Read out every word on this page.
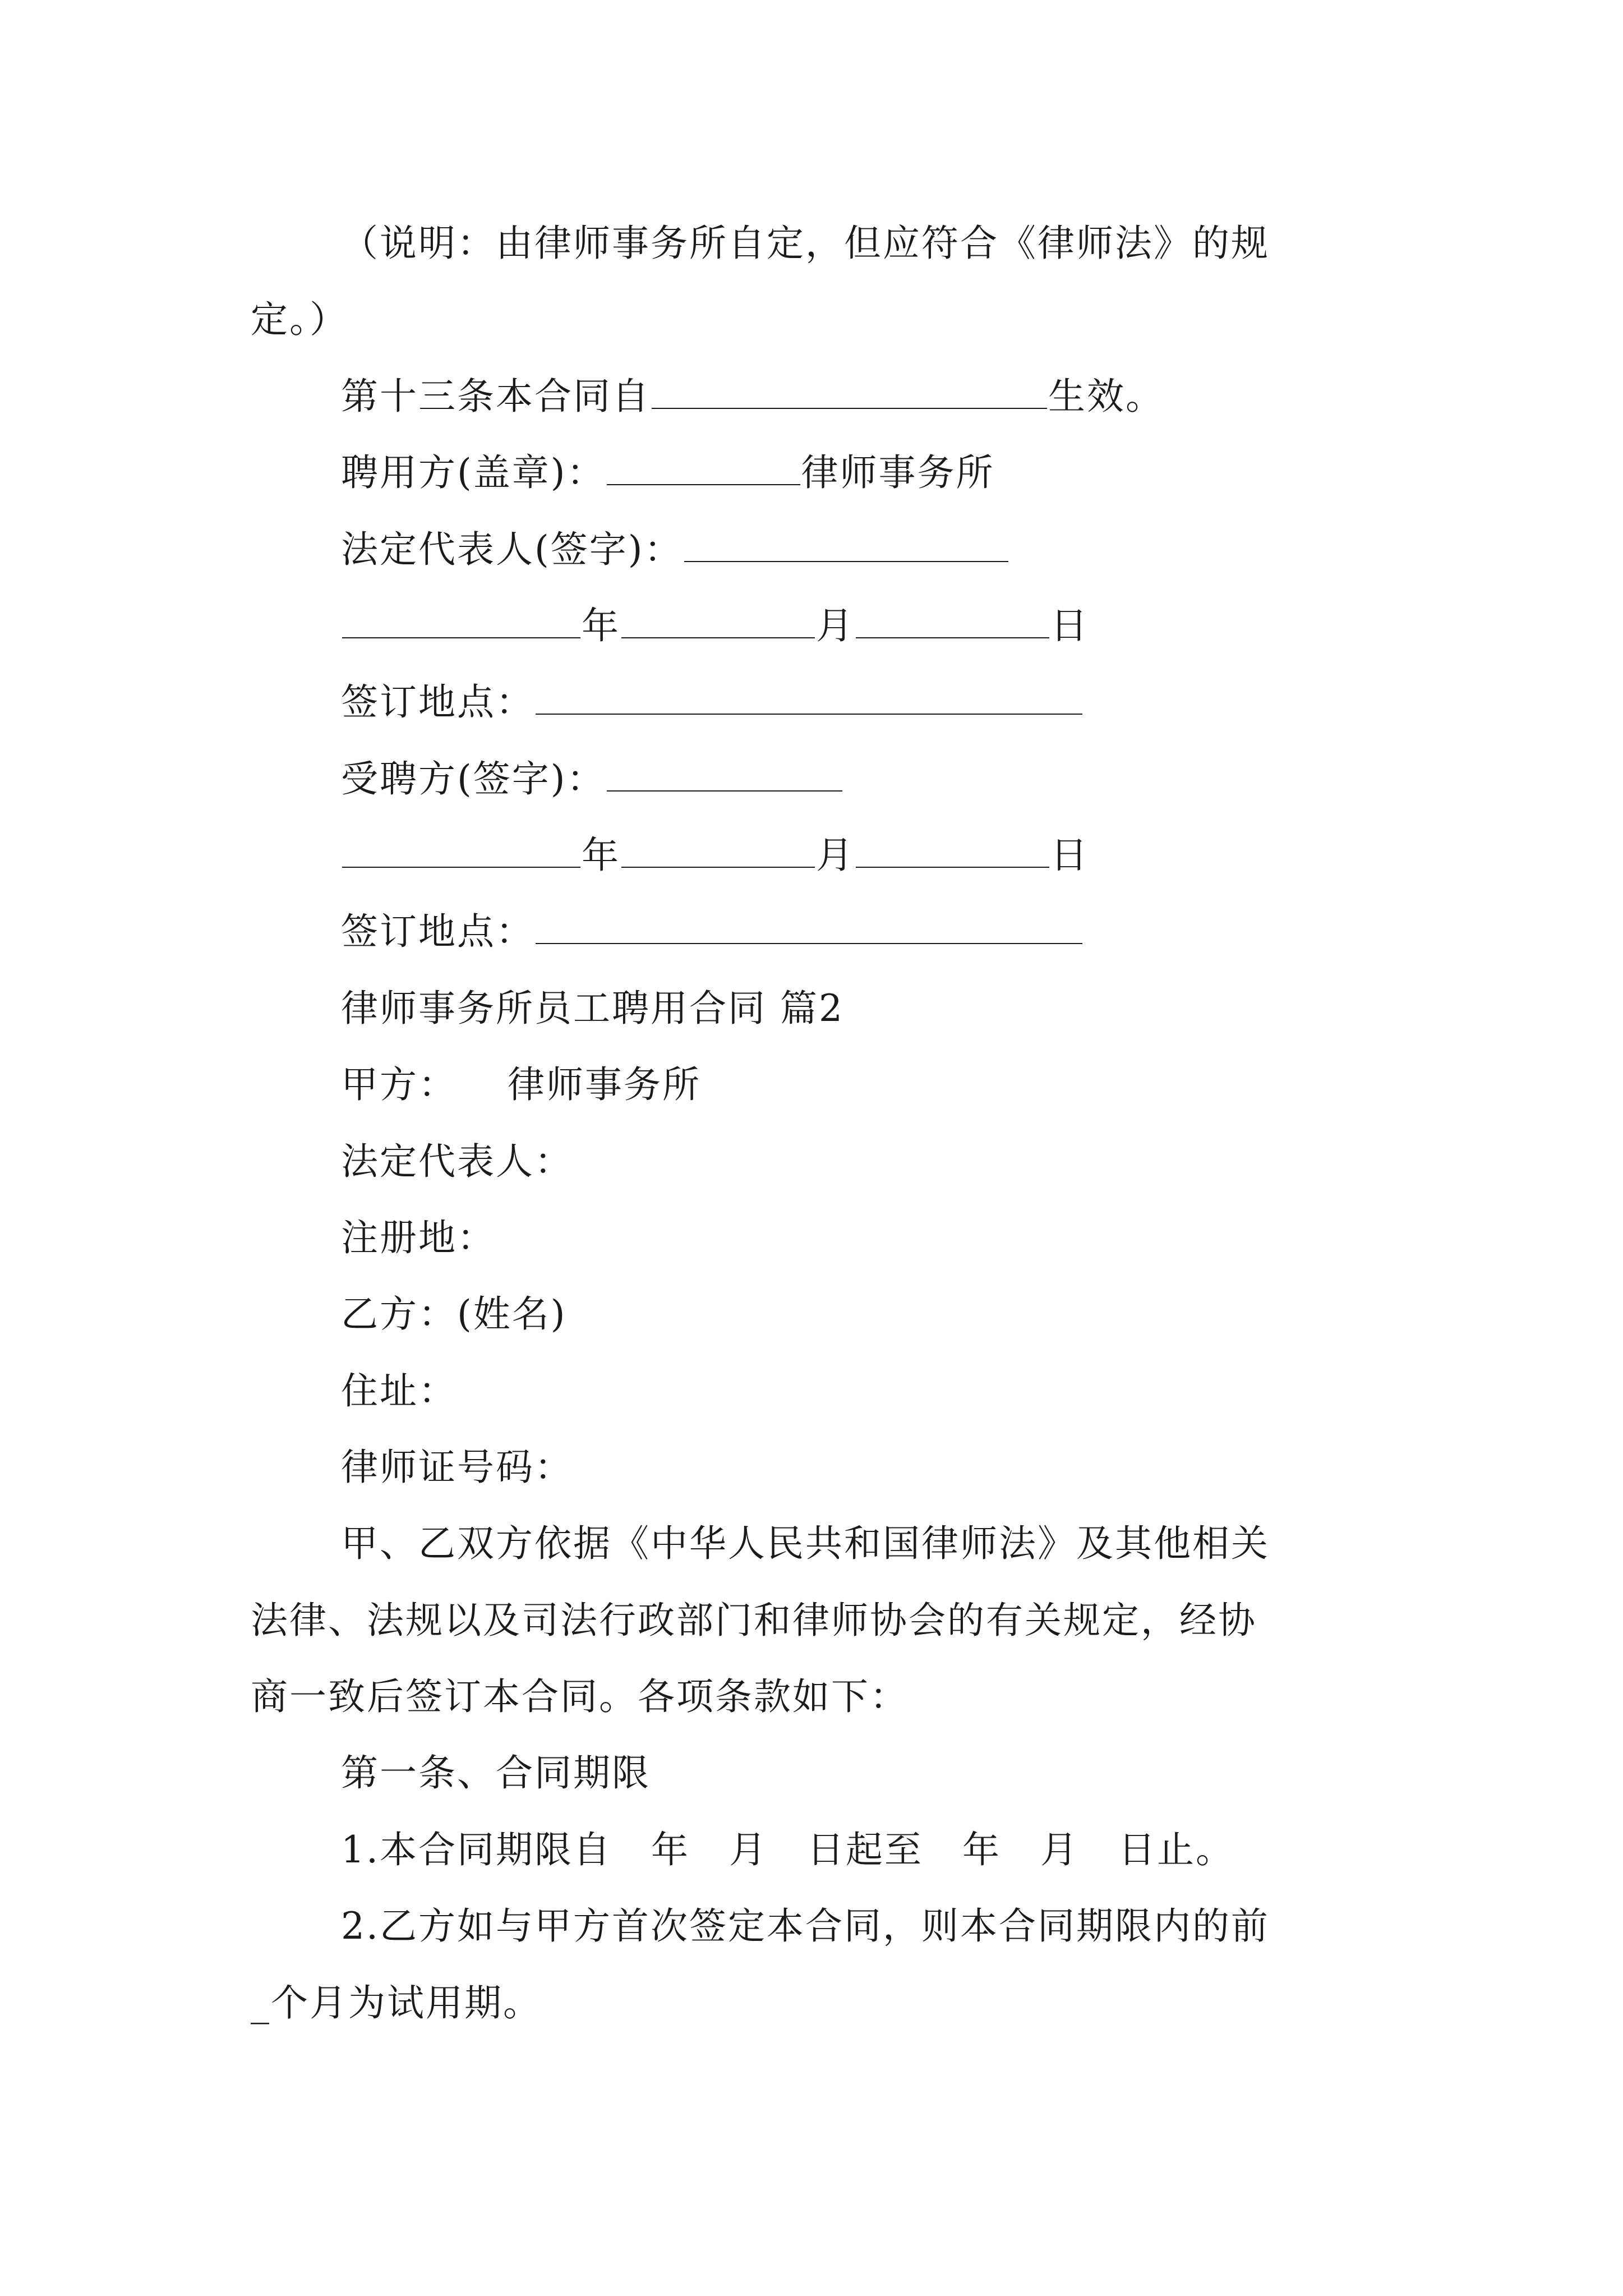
（说明：由律师事务所自定，但应符合《律师法》的规
定。）
第十三条本合同自	生效。
聘用方(盖章)：	律师事务所
法定代表人(签字)：
年	月	日
签订地点：
受聘方(签字)：
年	月	日
签订地点：
律师事务所员工聘用合同 篇2
甲方： 律师事务所
法定代表人：
注册地：
乙方：(姓名)
住址：
律师证号码：
甲、乙双方依据《中华人民共和国律师法》及其他相关
法律、法规以及司法行政部门和律师协会的有关规定，经协
商一致后签订本合同。各项条款如下：
第一条、合同期限
1.本合同期限自 年 月 日起至 年 月 日止。
2.乙方如与甲方首次签定本合同，则本合同期限内的前
_个月为试用期。
